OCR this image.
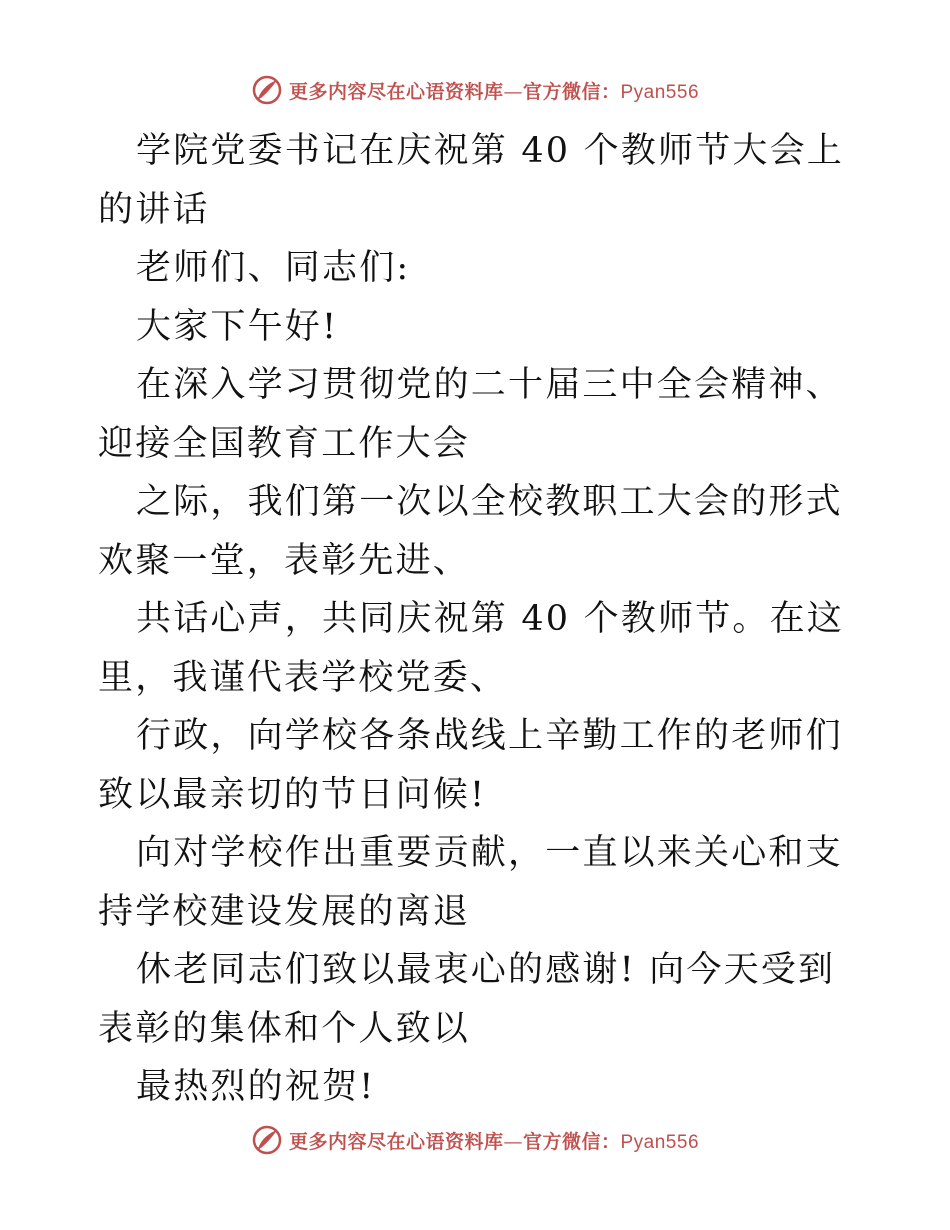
更多内容尽在心语资料库—官方微信：Pyan556

学院党委书记在庆祝第 40 个教师节大会上的讲话

老师们、同志们:

大家下午好!

在深入学习贯彻党的二十届三中全会精神、迎接全国教育工作大会

之际，我们第一次以全校教职工大会的形式欢聚一堂，表彰先进、

共话心声，共同庆祝第 40 个教师节。在这里，我谨代表学校党委、

行政，向学校各条战线上辛勤工作的老师们致以最亲切的节日问候!

向对学校作出重要贡献，一直以来关心和支持学校建设发展的离退

休老同志们致以最衷心的感谢! 向今天受到表彰的集体和个人致以

最热烈的祝贺!

更多内容尽在心语资料库—官方微信：Pyan556
